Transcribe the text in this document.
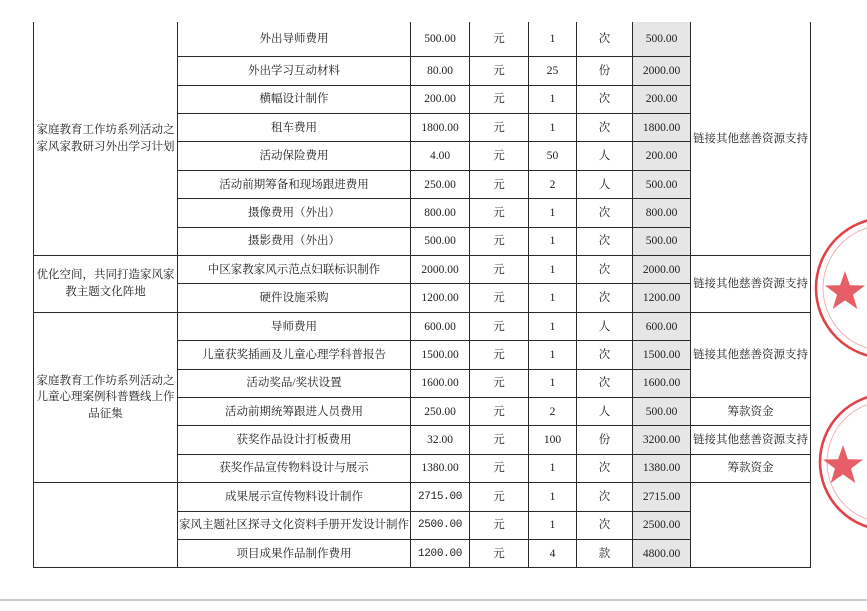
家庭教育工作坊系列活动之家风家教研习外出学习计划	外出导师费用	500.00	元	1	次	500.00	链接其他慈善资源支持
	外出学习互动材料	80.00	元	25	份	2000.00	
	横幅设计制作	200.00	元	1	次	200.00	
	租车费用	1800.00	元	1	次	1800.00	
	活动保险费用	4.00	元	50	人	200.00	
	活动前期筹备和现场跟进费用	250.00	元	2	人	500.00	
	摄像费用（外出）	800.00	元	1	次	800.00	
	摄影费用（外出）	500.00	元	1	次	500.00	
优化空间，共同打造家风家教主题文化阵地	中区家教家风示范点妇联标识制作	2000.00	元	1	次	2000.00	链接其他慈善资源支持
	硬件设施采购	1200.00	元	1	次	1200.00	
家庭教育工作坊系列活动之儿童心理案例科普暨线上作品征集	导师费用	600.00	元	1	人	600.00	链接其他慈善资源支持
	儿童获奖插画及儿童心理学科普报告	1500.00	元	1	次	1500.00	
	活动奖品/奖状设置	1600.00	元	1	次	1600.00	
	活动前期统筹跟进人员费用	250.00	元	2	人	500.00	筹款资金
	获奖作品设计打板费用	32.00	元	100	份	3200.00	链接其他慈善资源支持
	获奖作品宣传物料设计与展示	1380.00	元	1	次	1380.00	筹款资金
	成果展示宣传物料设计制作	2715.00	元	1	次	2715.00	
	家风主题社区探寻文化资料手册开发设计制作	2500.00	元	1	次	2500.00	
	项目成果作品制作费用	1200.00	元	4	款	4800.00	
